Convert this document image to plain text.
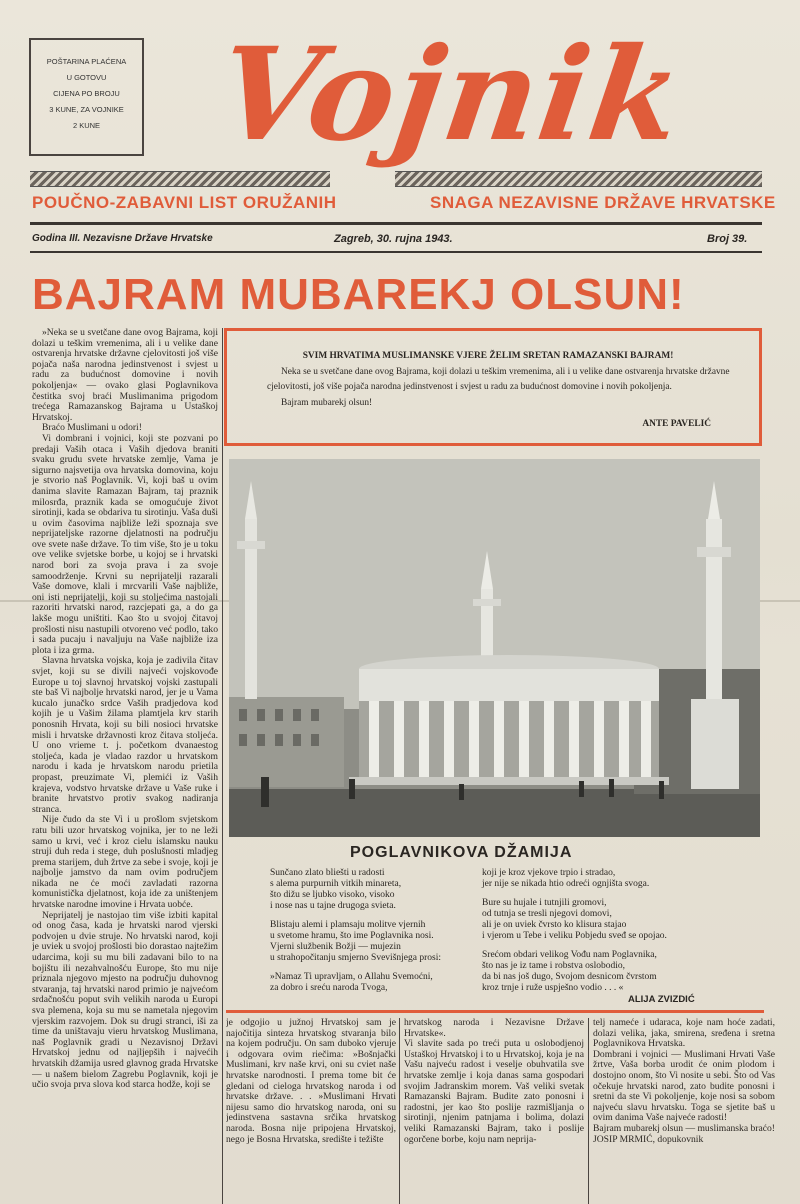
POŠTARINA PLAĆENA
U GOTOVU
CIJENA PO BROJU
3 KUNE, ZA VOJNIKE
2 KUNE Vojnik
POUČNO-ZABAVNI LIST ORUŽANIH	SNAGA NEZAVISNE DRŽAVE HRVATSKE
Godina III. Nezavisne Države Hrvatske	Zagreb, 30. rujna 1943.	Broj 39.
BAJRAM MUBAREKJ OLSUN!

»Neka se u svetčane dane ovog Bajrama, koji dolazi u teškim vremenima, ali i u velike dane ostvarenja hrvatske državne cjelovitosti još više pojača naša narodna jedinstvenost i svjest u radu za budućnost domovine i novih pokoljenja« — ovako glasi Poglavnikova čestitka svoj braći Muslimanima prigodom trećega Ramazanskog Bajrama u Ustaškoj Hrvatskoj.

Braćo Muslimani u odori!

Vi dombrani i vojnici, koji ste pozvani po predaji Vaših otaca i Vaših djedova braniti svaku grudu svete hrvatske zemlje, Vama je sigurno najsvetija ova hrvatska domovina, koju je stvorio naš Poglavnik. Vi, koji baš u ovim danima slavite Ramazan Bajram, taj praznik milosrđa, praznik kada se omogućuje život sirotinji, kada se obdariva tu sirotinju. Vaša duši u ovim časovima najbliže leži spoznaja sve neprijateljske razorne djelatnosti na području ove svete naše države. To tim više, što je u toku ove velike svjetske borbe, u kojoj se i hrvatski narod bori za svoja prava i za svoje samoodrženje. Krvni su neprijatelji razarali Vaše domove, klali i mrcvarili Vaše najbliže, oni isti neprijatelji, koji su stoljećima nastojali razoriti hrvatski narod, razcjepati ga, a do ga lakše mogu uništiti. Kao što u svojoj čitavoj prošlosti nisu nastupili otvoreno već podlo, tako i sada pucaju i navaljuju na Vaše najbliže iza plota i iza grma.

Slavna hrvatska vojska, koja je zadivila čitav svjet, koji su se divili najveći vojskovođe Europe u toj slavnoj hrvatskoj vojski zastupali ste baš Vi najbolje hrvatski narod, jer je u Vama kucalo junačko srdce Vaših pradjedova kod kojih je u Vašim žilama plamtjela krv starih ponosnih Hrvata, koji su bili nosioci hrvatske misli i hrvatske državnosti kroz čitava stoljeća. U ono vrieme t. j. početkom dvanaestog stoljeća, kada je vladao razdor u hrvatskom narodu i kada je hrvatskom narodu prietila propast, preuzimate Vi, plemići iz Vaših krajeva, vodstvo hrvatske države u Vaše ruke i branite hrvatstvo protiv svakog nadiranja stranca.

Nije čudo da ste Vi i u prošlom svjetskom ratu bili uzor hrvatskog vojnika, jer to ne leži samo u krvi, već i kroz cielu islamsku nauku struji duh reda i stege, duh poslušnosti mladjeg prema starijem, duh žrtve za sebe i svoje, koji je najbolje jamstvo da nam ovim područjem nikada ne će moći zavladati razorna komunistička djelatnost, koja ide za uništenjem hrvatske narodne imovine i Hrvata uobće.

Neprijatelj je nastojao tim više izbiti kapital od onog časa, kada je hrvatski narod vjerski podvojen u dvie struje. No hrvatski narod, koji je uviek u svojoj prošlosti bio dorastao najtežim udarcima, koji su mu bili zadavani bilo to na bojištu ili nezahvalnošću Europe, što mu nije priznala njegovo mjesto na području duhovnog stvaranja, taj hrvatski narod primio je najvećom srdačnošću poput svih velikih naroda u Europi sva plemena, koja su mu se nametala njegovim vjerskim razvojem. Dok su drugi stranci, iši za time da uništavaju vieru hrvatskog Muslimana, naš Poglavnik gradi u Nezavisnoj Državi Hrvatskoj jednu od najljepših i najvećih hrvatskih džamija usred glavnog grada Hrvatske — u našem bielom Zagrebu Poglavnik, koji je učio svoja prva slova kod starca hodže, koji se

SVIM HRVATIMA MUSLIMANSKE VJERE ŽELIM SRETAN RAMAZANSKI BAJRAM!
Neka se u svetčane dane ovog Bajrama, koji dolazi u teškim vremenima, ali i u velike dane ostvarenja hrvatske državne cjelovitosti, još više pojača narodna jedinstvenost i svjest u radu za budućnost domovine i novih pokoljenja.
Bajram mubarekj olsun!
ANTE PAVELIĆ
POGLAVNIKOVA DŽAMIJA
Sunčano zlato bliešti u radosti
s alema purpurnih vitkih minareta,
što dižu se ljubko visoko, visoko
i nose nas u tajne drugoga svieta.
Blistaju alemi i plamsaju molitve vjernih
u svetome hramu, što ime Poglavnika nosi.
Vjerni službenik Božji — mujezin
u strahopočitanju smjerno Svevišnjega prosi:
»Namaz Ti upravljam, o Allahu Svemoćni,
za dobro i sreću naroda Tvoga,
koji je kroz vjekove trpio i stradao,
jer nije se nikada htio odreći ognjišta svoga.
Bure su hujale i tutnjili gromovi,
od tutnja se tresli njegovi domovi,
ali je on uviek čvrsto ko klisura stajao
i vjerom u Tebe i veliku Pobjedu sveđ se opojao.
Srećom obdari velikog Vođu nam Poglavnika,
što nas je iz tame i robstva oslobodio,
da bi nas još dugo, Svojom desnicom čvrstom
kroz trnje i ruže uspješno vodio . . . «
ALIJA ZVIZDIĆ
je odgojio u južnoj Hrvatskoj sam je najočitija sinteza hrvatskog stvaranja bilo na kojem području. On sam duboko vjeruje i odgovara ovim riečima: »Bošnjački Muslimani, krv naše krvi, oni su cviet naše hrvatske narodnosti. I prema tome bit će gledani od cieloga hrvatskog naroda i od hrvatske države. . . »Muslimani Hrvati nijesu samo dio hrvatskog naroda, oni su jedinstvena sastavna srčika hrvatskog naroda. Bosna nije pripojena Hrvatskoj, nego je Bosna Hrvatska, središte i težište
hrvatskog naroda i Nezavisne Države Hrvatske«.
Vi slavite sada po treći puta u oslobodjenoj Ustaškoj Hrvatskoj i to u Hrvatskoj, koja je na Vašu najveću radost i veselje obuhvatila sve hrvatske zemlje i koja danas sama gospodari svojim Jadranskim morem. Vaš veliki svetak Ramazanski Bajram. Budite zato ponosni i radostni, jer kao što poslije razmišljanja o sirotinji, njenim patnjama i bolima, dolazi veliki Ramazanski Bajram, tako i poslije ogorčene borbe, koju nam neprija-
telj nameće i udaraca, koje nam hoće zadati, dolazi velika, jaka, smirena, sređena i sretna Poglavnikova Hrvatska.
Dombrani i vojnici — Muslimani Hrvati Vaše žrtve, Vaša borba urodit će onim plodom i dostojno onom, što Vi nosite u sebi. Što od Vas očekuje hrvatski narod, zato budite ponosni i sretni da ste Vi pokoljenje, koje nosi sa sobom najveću slavu hrvatsku. Toga se sjetite baš u ovim danima Vaše najveće radosti!
Bajram mubarekj olsun — muslimanska braćo! JOSIP MRMIĆ, dopukovnik
